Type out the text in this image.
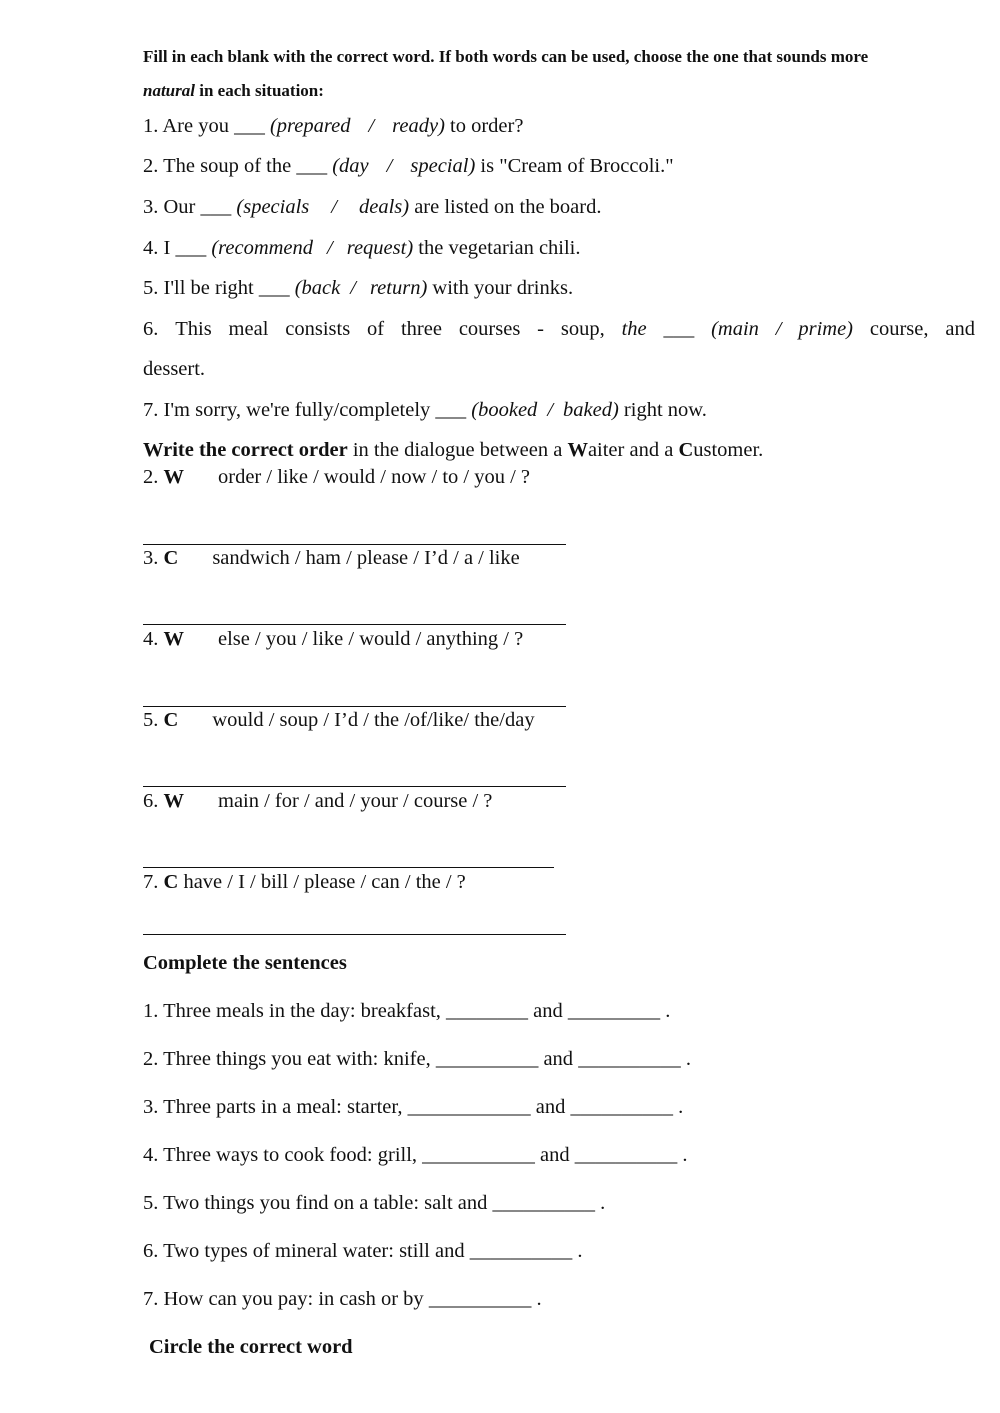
Fill in each blank with the correct word. If both words can be used, choose the one that sounds more
natural in each situation:
1. Are you ___ (prepared / ready) to order?
2. The soup of the ___ (day / special) is "Cream of Broccoli."
3. Our ___ (specials / deals) are listed on the board.
4. I ___ (recommend / request) the vegetarian chili.
5. I'll be right ___ (back / return) with your drinks.
6. This meal consists of three courses - soup, the ___ (main / prime) course, and
dessert.
7. I'm sorry, we're fully/completely ___ (booked / baked) right now.
Write the correct order in the dialogue between a Waiter and a Customer.
2. W order / like / would / now / to / you / ?
3. C sandwich / ham / please / I’d / a / like
4. Welse / you / like / would / anything / ?
5. C would / soup / I’d / the /of/like/ the/day
6. Wmain / for / and / your / course / ?
7. C have / I / bill / please / can / the / ?
Complete the sentences
1. Three meals in the day: breakfast, ________ and _________ .
2. Three things you eat with: knife, __________ and __________ .
3. Three parts in a meal: starter, ____________ and __________ .
4. Three ways to cook food: grill, ___________ and __________ .
5. Two things you find on a table: salt and __________ .
6. Two types of mineral water: still and __________ .
7. How can you pay: in cash or by __________ .
Circle the correct word
